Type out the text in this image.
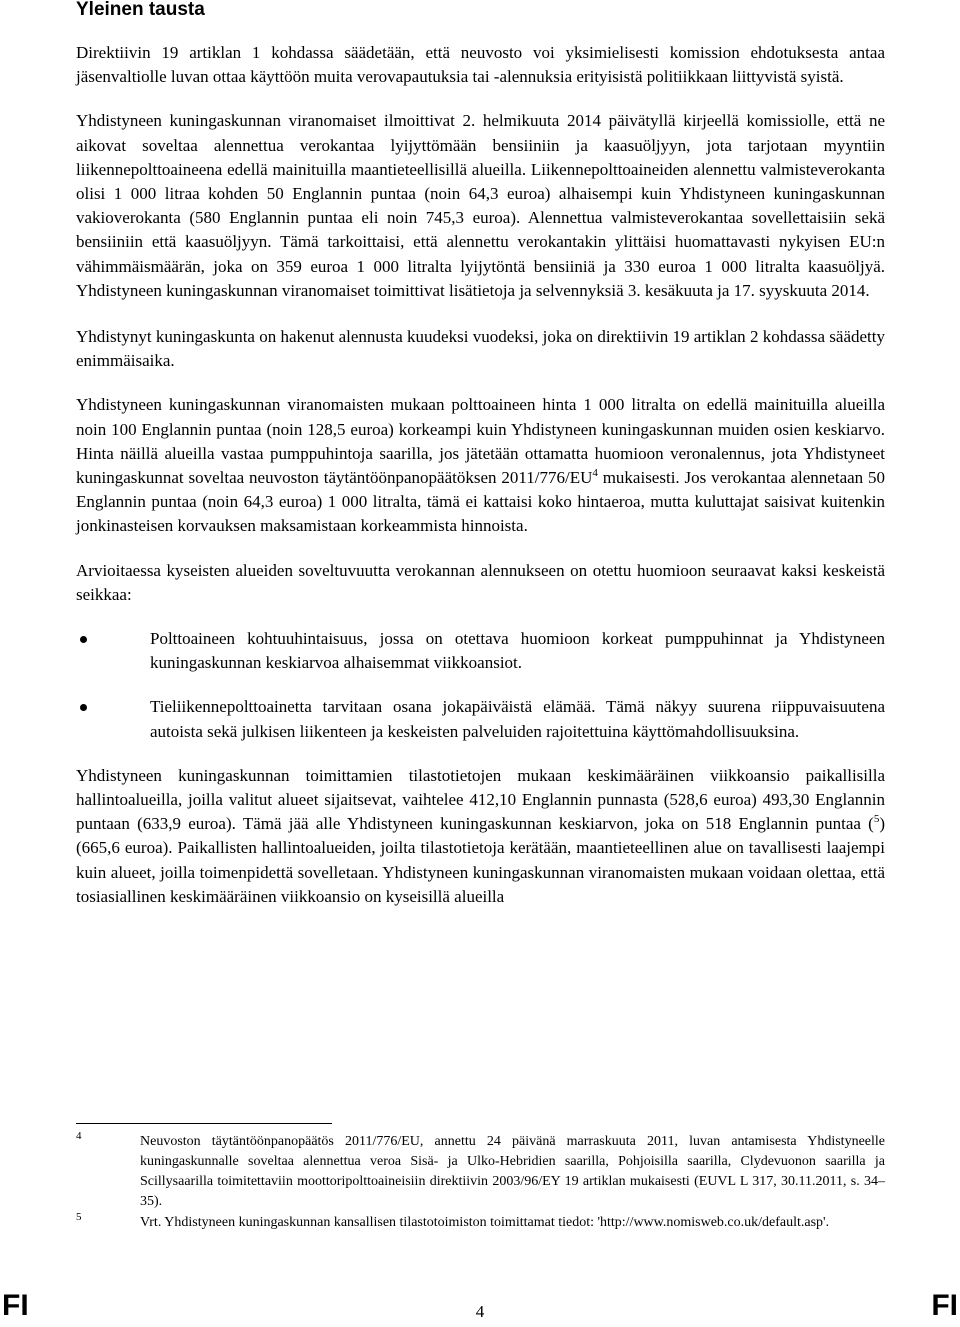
Yleinen tausta

Direktiivin 19 artiklan 1 kohdassa säädetään, että neuvosto voi yksimielisesti komission ehdotuksesta antaa jäsenvaltiolle luvan ottaa käyttöön muita verovapautuksia tai -alennuksia erityisistä politiikkaan liittyvistä syistä.

Yhdistyneen kuningaskunnan viranomaiset ilmoittivat 2. helmikuuta 2014 päivätyllä kirjeellä komissiolle, että ne aikovat soveltaa alennettua verokantaa lyijyttömään bensiiniin ja kaasuöljyyn, jota tarjotaan myyntiin liikennepolttoaineena edellä mainituilla maantieteellisillä alueilla. Liikennepolttoaineiden alennettu valmisteverokanta olisi 1 000 litraa kohden 50 Englannin puntaa (noin 64,3 euroa) alhaisempi kuin Yhdistyneen kuningaskunnan vakioverokanta (580 Englannin puntaa eli noin 745,3 euroa). Alennettua valmisteverokantaa sovellettaisiin sekä bensiiniin että kaasuöljyyn. Tämä tarkoittaisi, että alennettu verokantakin ylittäisi huomattavasti nykyisen EU:n vähimmäismäärän, joka on 359 euroa 1 000 litralta lyijytöntä bensiiniä ja 330 euroa 1 000 litralta kaasuöljyä. Yhdistyneen kuningaskunnan viranomaiset toimittivat lisätietoja ja selvennyksiä 3. kesäkuuta ja 17. syyskuuta 2014.

Yhdistynyt kuningaskunta on hakenut alennusta kuudeksi vuodeksi, joka on direktiivin 19 artiklan 2 kohdassa säädetty enimmäisaika.

Yhdistyneen kuningaskunnan viranomaisten mukaan polttoaineen hinta 1 000 litralta on edellä mainituilla alueilla noin 100 Englannin puntaa (noin 128,5 euroa) korkeampi kuin Yhdistyneen kuningaskunnan muiden osien keskiarvo. Hinta näillä alueilla vastaa pumppuhintoja saarilla, jos jätetään ottamatta huomioon veronalennus, jota Yhdistyneet kuningaskunnat soveltaa neuvoston täytäntöönpanopäätöksen $2011/776/EU^4$ mukaisesti. Jos verokantaa alennetaan 50 Englannin puntaa (noin 64,3 euroa) 1 000 litralta, tämä ei kattaisi koko hintaeroa, mutta kuluttajat saisivat kuitenkin jonkinasteisen korvauksen maksamistaan korkeammista hinnoista.

Arvioitaessa kyseisten alueiden soveltuvuutta verokannan alennukseen on otettu huomioon seuraavat kaksi keskeistä seikkaa:

Polttoaineen kohtuuhintaisuus, jossa on otettava huomioon korkeat pumppuhinnat ja Yhdistyneen kuningaskunnan keskiarvoa alhaisemmat viikkoansiot.
Tieliikennepolttoainetta tarvitaan osana jokapäiväistä elämää. Tämä näkyy suurena riippuvaisuutena autoista sekä julkisen liikenteen ja keskeisten palveluiden rajoitettuina käyttömahdollisuuksina.

Yhdistyneen kuningaskunnan toimittamien tilastotietojen mukaan keskimääräinen viikkoansio paikallisilla hallintoalueilla, joilla valitut alueet sijaitsevat, vaihtelee 412,10 Englannin punnasta (528,6 euroa) 493,30 Englannin puntaan (633,9 euroa). Tämä jää alle Yhdistyneen kuningaskunnan keskiarvon, joka on 518 Englannin puntaa ($^5$) (665,6 euroa). Paikallisten hallintoalueiden, joilta tilastotietoja kerätään, maantieteellinen alue on tavallisesti laajempi kuin alueet, joilla toimenpidettä sovelletaan. Yhdistyneen kuningaskunnan viranomaisten mukaan voidaan olettaa, että tosiasiallinen keskimääräinen viikkoansio on kyseisillä alueilla

4	Neuvoston täytäntöönpanopäätös 2011/776/EU, annettu 24 päivänä marraskuuta 2011, luvan antamisesta Yhdistyneelle kuningaskunnalle soveltaa alennettua veroa Sisä- ja Ulko-Hebridien saarilla, Pohjoisilla saarilla, Clydevuonon saarilla ja Scillysaarilla toimitettaviin moottoripolttoaineisiin direktiivin 2003/96/EY 19 artiklan mukaisesti (EUVL L 317, 30.11.2011, s. 34–35).
5	Vrt. Yhdistyneen kuningaskunnan kansallisen tilastotoimiston toimittamat tiedot: 'http://www.nomisweb.co.uk/default.asp'.
FI	4	FI
